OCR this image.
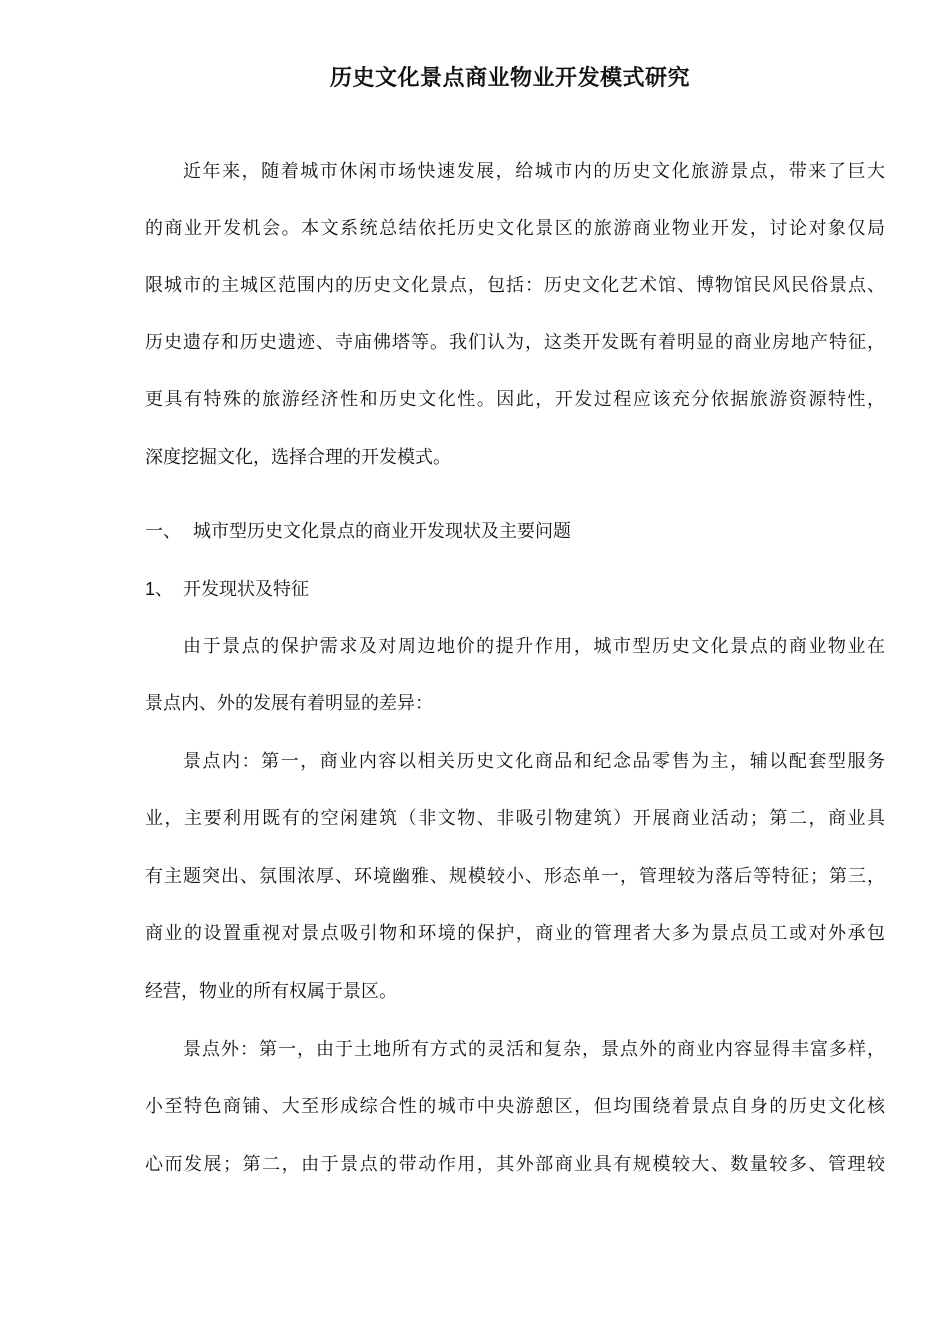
历史文化景点商业物业开发模式研究
近年来，随着城市休闲市场快速发展，给城市内的历史文化旅游景点，带来了巨大
的商业开发机会。本文系统总结依托历史文化景区的旅游商业物业开发，讨论对象仅局
限城市的主城区范围内的历史文化景点，包括：历史文化艺术馆、博物馆民风民俗景点、
历史遗存和历史遗迹、寺庙佛塔等。我们认为，这类开发既有着明显的商业房地产特征，
更具有特殊的旅游经济性和历史文化性。因此，开发过程应该充分依据旅游资源特性，
深度挖掘文化，选择合理的开发模式。
一、 城市型历史文化景点的商业开发现状及主要问题
1、 开发现状及特征
由于景点的保护需求及对周边地价的提升作用，城市型历史文化景点的商业物业在
景点内、外的发展有着明显的差异：
景点内：第一，商业内容以相关历史文化商品和纪念品零售为主，辅以配套型服务
业，主要利用既有的空闲建筑（非文物、非吸引物建筑）开展商业活动；第二，商业具
有主题突出、氛围浓厚、环境幽雅、规模较小、形态单一，管理较为落后等特征；第三，
商业的设置重视对景点吸引物和环境的保护，商业的管理者大多为景点员工或对外承包
经营，物业的所有权属于景区。
景点外：第一，由于土地所有方式的灵活和复杂，景点外的商业内容显得丰富多样，
小至特色商铺、大至形成综合性的城市中央游憩区，但均围绕着景点自身的历史文化核
心而发展；第二，由于景点的带动作用，其外部商业具有规模较大、数量较多、管理较
